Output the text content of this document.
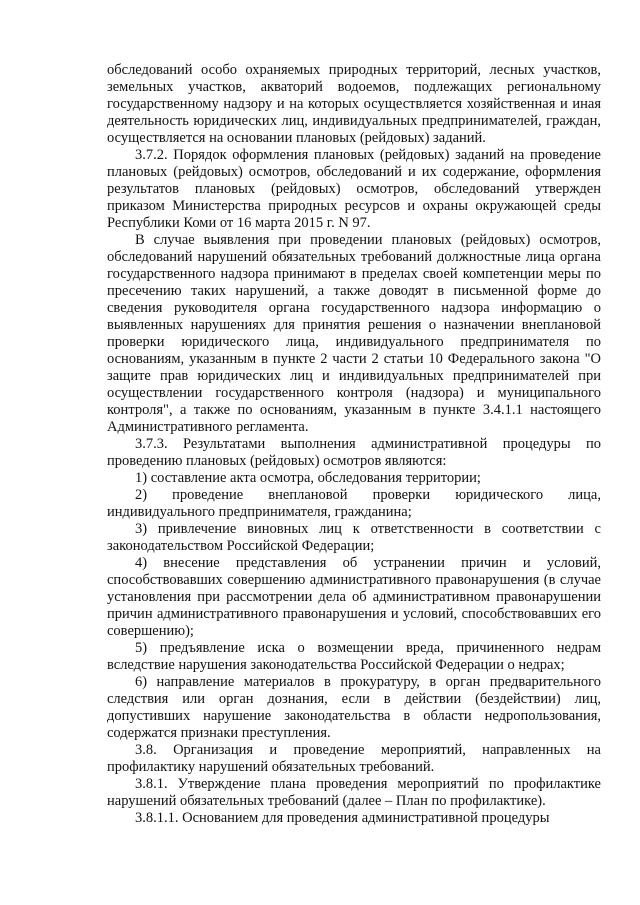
обследований особо охраняемых природных территорий, лесных участков, земельных участков, акваторий водоемов, подлежащих региональному государственному надзору и на которых осуществляется хозяйственная и иная деятельность юридических лиц, индивидуальных предпринимателей, граждан, осуществляется на основании плановых (рейдовых) заданий.

3.7.2. Порядок оформления плановых (рейдовых) заданий на проведение плановых (рейдовых) осмотров, обследований и их содержание, оформления результатов плановых (рейдовых) осмотров, обследований утвержден приказом Министерства природных ресурсов и охраны окружающей среды Республики Коми от 16 марта 2015 г. N 97.

В случае выявления при проведении плановых (рейдовых) осмотров, обследований нарушений обязательных требований должностные лица органа государственного надзора принимают в пределах своей компетенции меры по пресечению таких нарушений, а также доводят в письменной форме до сведения руководителя органа государственного надзора информацию о выявленных нарушениях для принятия решения о назначении внеплановой проверки юридического лица, индивидуального предпринимателя по основаниям, указанным в пункте 2 части 2 статьи 10 Федерального закона "О защите прав юридических лиц и индивидуальных предпринимателей при осуществлении государственного контроля (надзора) и муниципального контроля", а также по основаниям, указанным в пункте 3.4.1.1 настоящего Административного регламента.

3.7.3. Результатами выполнения административной процедуры по проведению плановых (рейдовых) осмотров являются:

1) составление акта осмотра, обследования территории;

2) проведение внеплановой проверки юридического лица, индивидуального предпринимателя, гражданина;

3) привлечение виновных лиц к ответственности в соответствии с законодательством Российской Федерации;

4) внесение представления об устранении причин и условий, способствовавших совершению административного правонарушения (в случае установления при рассмотрении дела об административном правонарушении причин административного правонарушения и условий, способствовавших его совершению);

5) предъявление иска о возмещении вреда, причиненного недрам вследствие нарушения законодательства Российской Федерации о недрах;

6) направление материалов в прокуратуру, в орган предварительного следствия или орган дознания, если в действии (бездействии) лиц, допустивших нарушение законодательства в области недропользования, содержатся признаки преступления.

3.8. Организация и проведение мероприятий, направленных на профилактику нарушений обязательных требований.

3.8.1. Утверждение плана проведения мероприятий по профилактике нарушений обязательных требований (далее – План по профилактике).

3.8.1.1. Основанием для проведения административной процедуры
